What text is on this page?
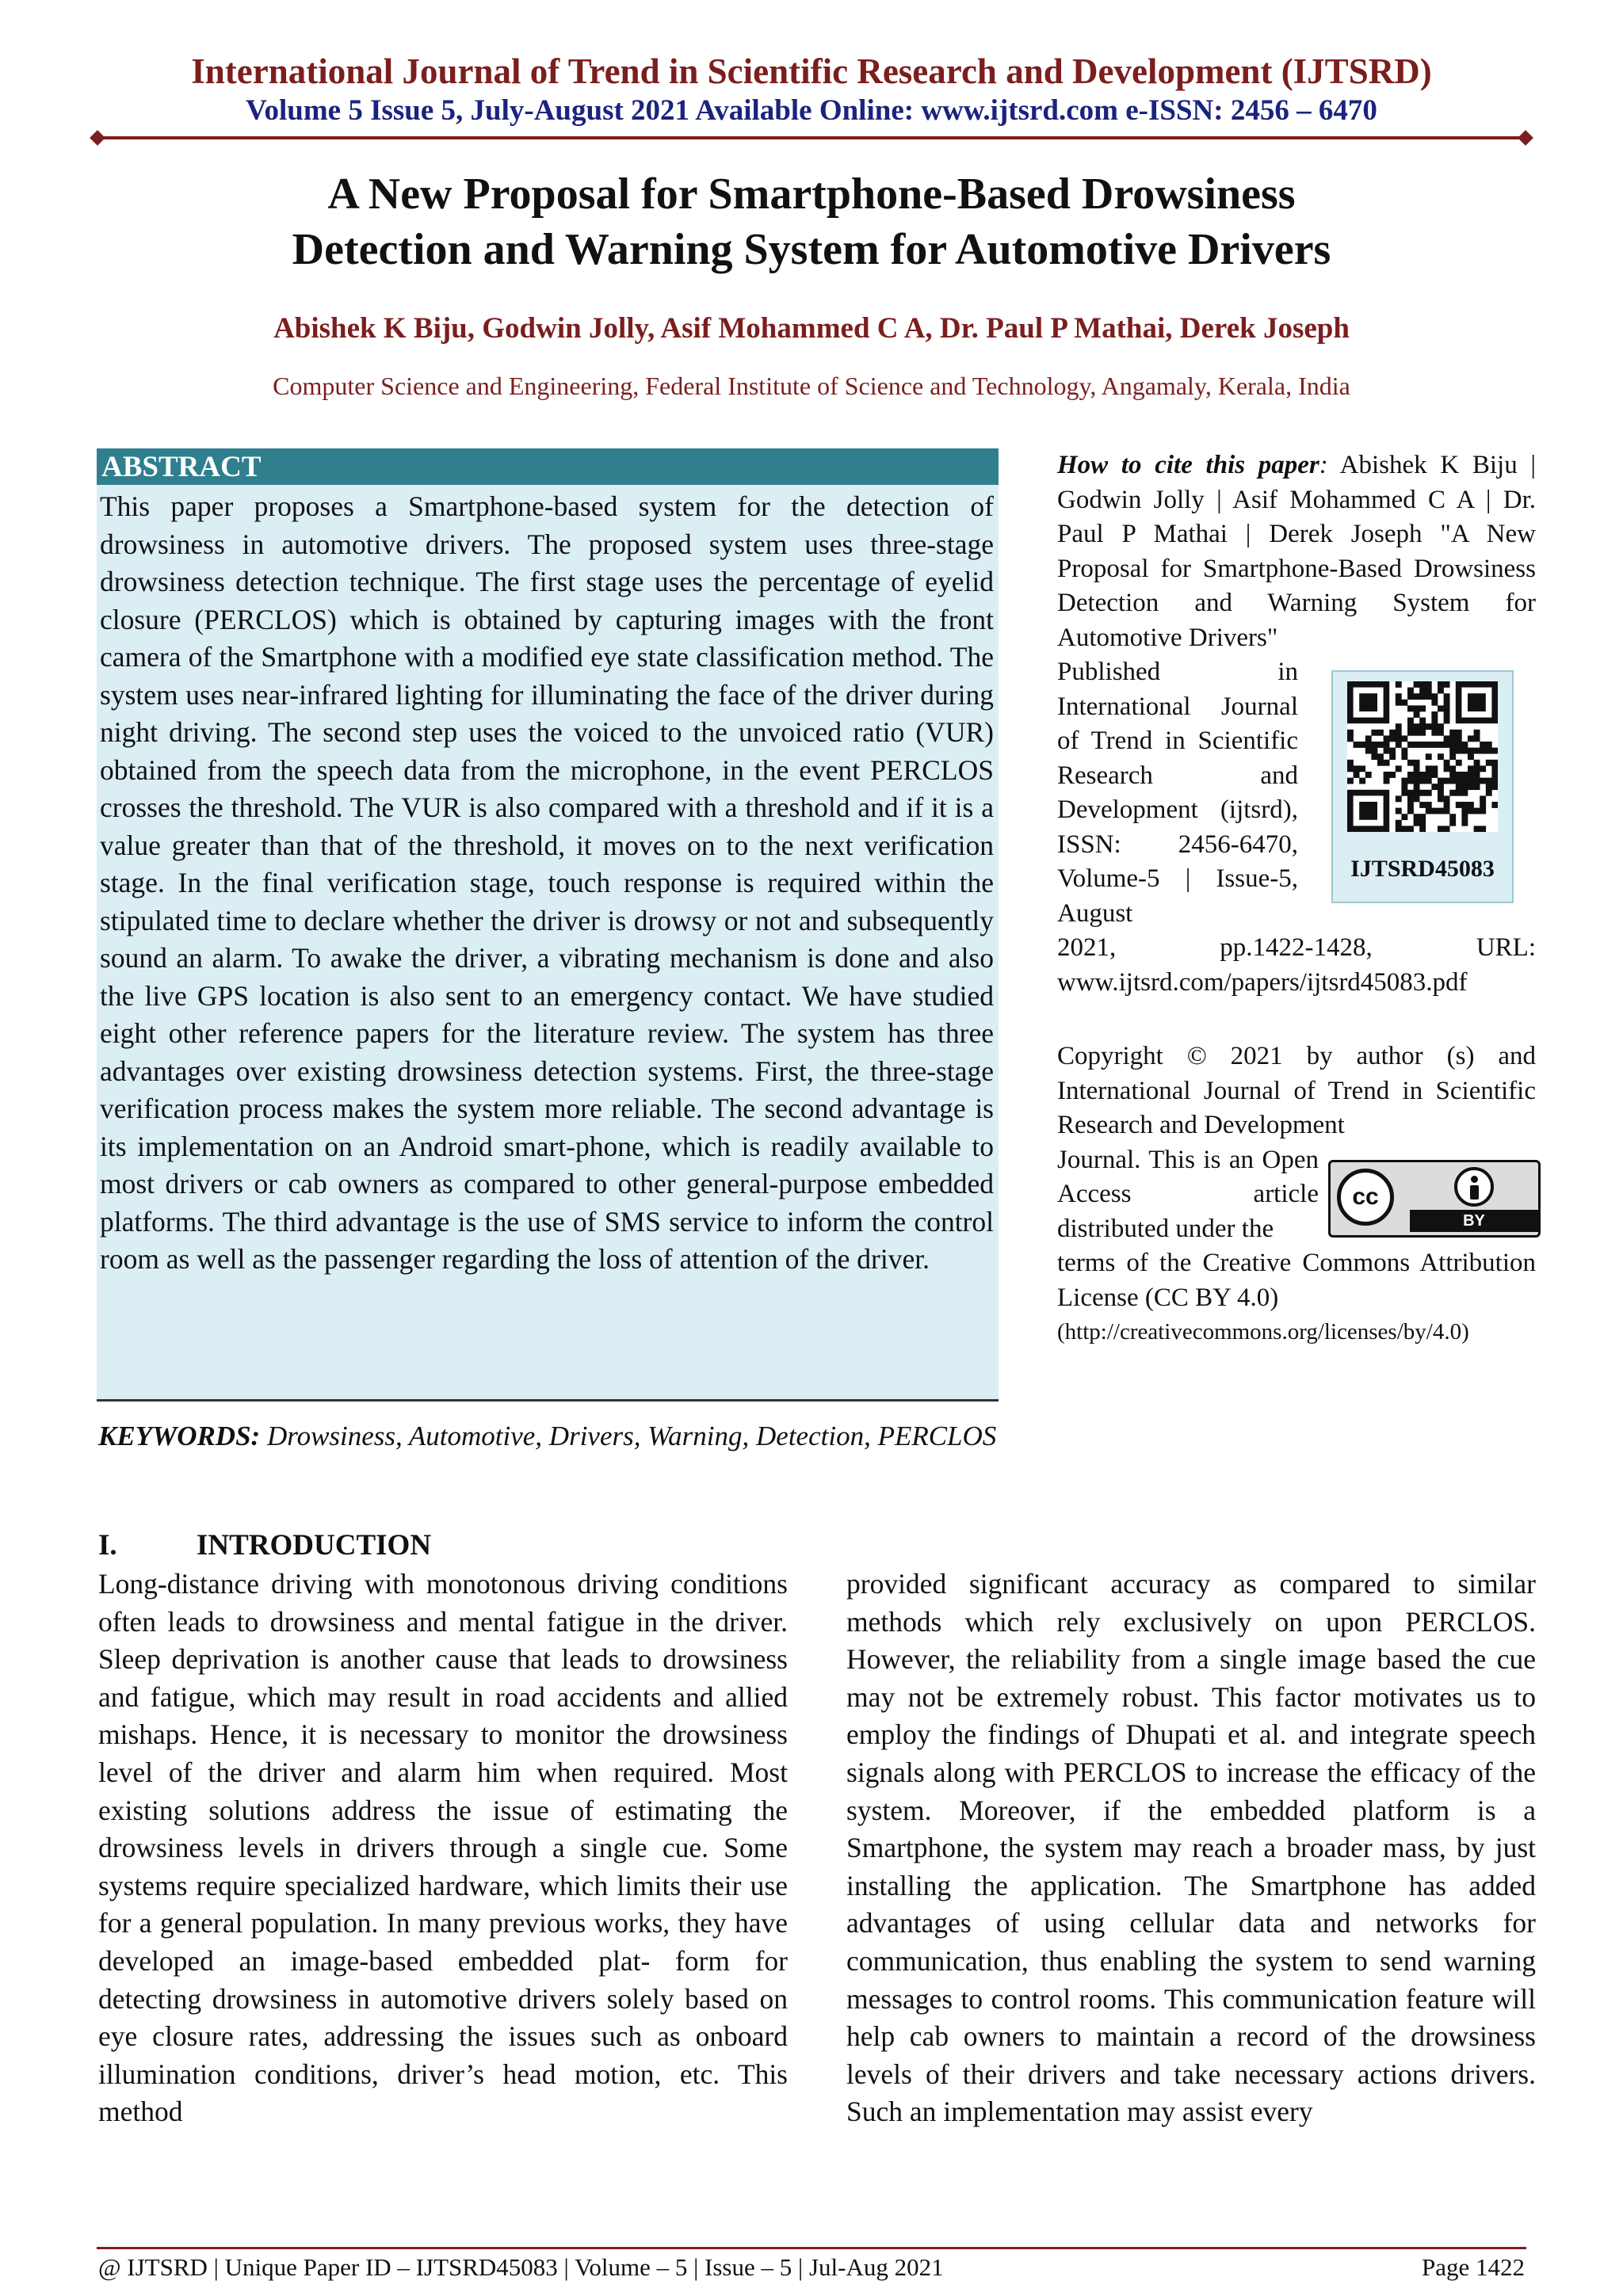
International Journal of Trend in Scientific Research and Development (IJTSRD)
Volume 5 Issue 5, July-August 2021 Available Online: www.ijtsrd.com e-ISSN: 2456 – 6470
A New Proposal for Smartphone-Based Drowsiness
Detection and Warning System for Automotive Drivers
Abishek K Biju, Godwin Jolly, Asif Mohammed C A, Dr. Paul P Mathai, Derek Joseph
Computer Science and Engineering, Federal Institute of Science and Technology, Angamaly, Kerala, India
ABSTRACT
This paper proposes a Smartphone-based system for the detection of drowsiness in automotive drivers. The proposed system uses three-stage drowsiness detection technique. The first stage uses the percentage of eyelid closure (PERCLOS) which is obtained by capturing images with the front camera of the Smartphone with a modified eye state classification method. The system uses near-infrared lighting for illuminating the face of the driver during night driving. The second step uses the voiced to the unvoiced ratio (VUR) obtained from the speech data from the microphone, in the event PERCLOS crosses the threshold. The VUR is also compared with a threshold and if it is a value greater than that of the threshold, it moves on to the next verification stage. In the final verification stage, touch response is required within the stipulated time to declare whether the driver is drowsy or not and subsequently sound an alarm. To awake the driver, a vibrating mechanism is done and also the live GPS location is also sent to an emergency contact. We have studied eight other reference papers for the literature review. The system has three advantages over existing drowsiness detection systems. First, the three-stage verification process makes the system more reliable. The second advantage is its implementation on an Android smart-phone, which is readily available to most drivers or cab owners as compared to other general-purpose embedded platforms. The third advantage is the use of SMS service to inform the control room as well as the passenger regarding the loss of attention of the driver.
KEYWORDS: Drowsiness, Automotive, Drivers, Warning, Detection, PERCLOS
How to cite this paper: Abishek K Biju | Godwin Jolly | Asif Mohammed C A | Dr. Paul P Mathai | Derek Joseph "A New Proposal for Smartphone-Based Drowsiness Detection and Warning System for Automotive Drivers"
Published in International Journal of Trend in Scientific Research and Development (ijtsrd), ISSN: 2456-6470, Volume-5 | Issue-5, August
2021, pp.1422-1428, URL: www.ijtsrd.com/papers/ijtsrd45083.pdf
IJTSRD45083
Copyright © 2021 by author (s) and International Journal of Trend in Scientific Research and Development
Journal. This is an Open Access article distributed under the
terms of the Creative Commons Attribution License (CC BY 4.0)
(http://creativecommons.org/licenses/by/4.0)
cc
BY
I.	INTRODUCTION
Long-distance driving with monotonous driving conditions often leads to drowsiness and mental fatigue in the driver. Sleep deprivation is another cause that leads to drowsiness and fatigue, which may result in road accidents and allied mishaps. Hence, it is necessary to monitor the drowsiness level of the driver and alarm him when required. Most existing solutions address the issue of estimating the drowsiness levels in drivers through a single cue. Some systems require specialized hardware, which limits their use for a general population. In many previous works, they have developed an image-based embedded plat- form for detecting drowsiness in automotive drivers solely based on eye closure rates, addressing the issues such as onboard illumination conditions, driver’s head motion, etc. This method
provided significant accuracy as compared to similar methods which rely exclusively on upon PERCLOS. However, the reliability from a single image based the cue may not be extremely robust. This factor motivates us to employ the findings of Dhupati et al. and integrate speech signals along with PERCLOS to increase the efficacy of the system. Moreover, if the embedded platform is a Smartphone, the system may reach a broader mass, by just installing the application. The Smartphone has added advantages of using cellular data and networks for communication, thus enabling the system to send warning messages to control rooms. This communication feature will help cab owners to maintain a record of the drowsiness levels of their drivers and take necessary actions drivers. Such an implementation may assist every
@ IJTSRD | Unique Paper ID – IJTSRD45083 | Volume – 5 | Issue – 5 | Jul-Aug 2021	Page 1422
